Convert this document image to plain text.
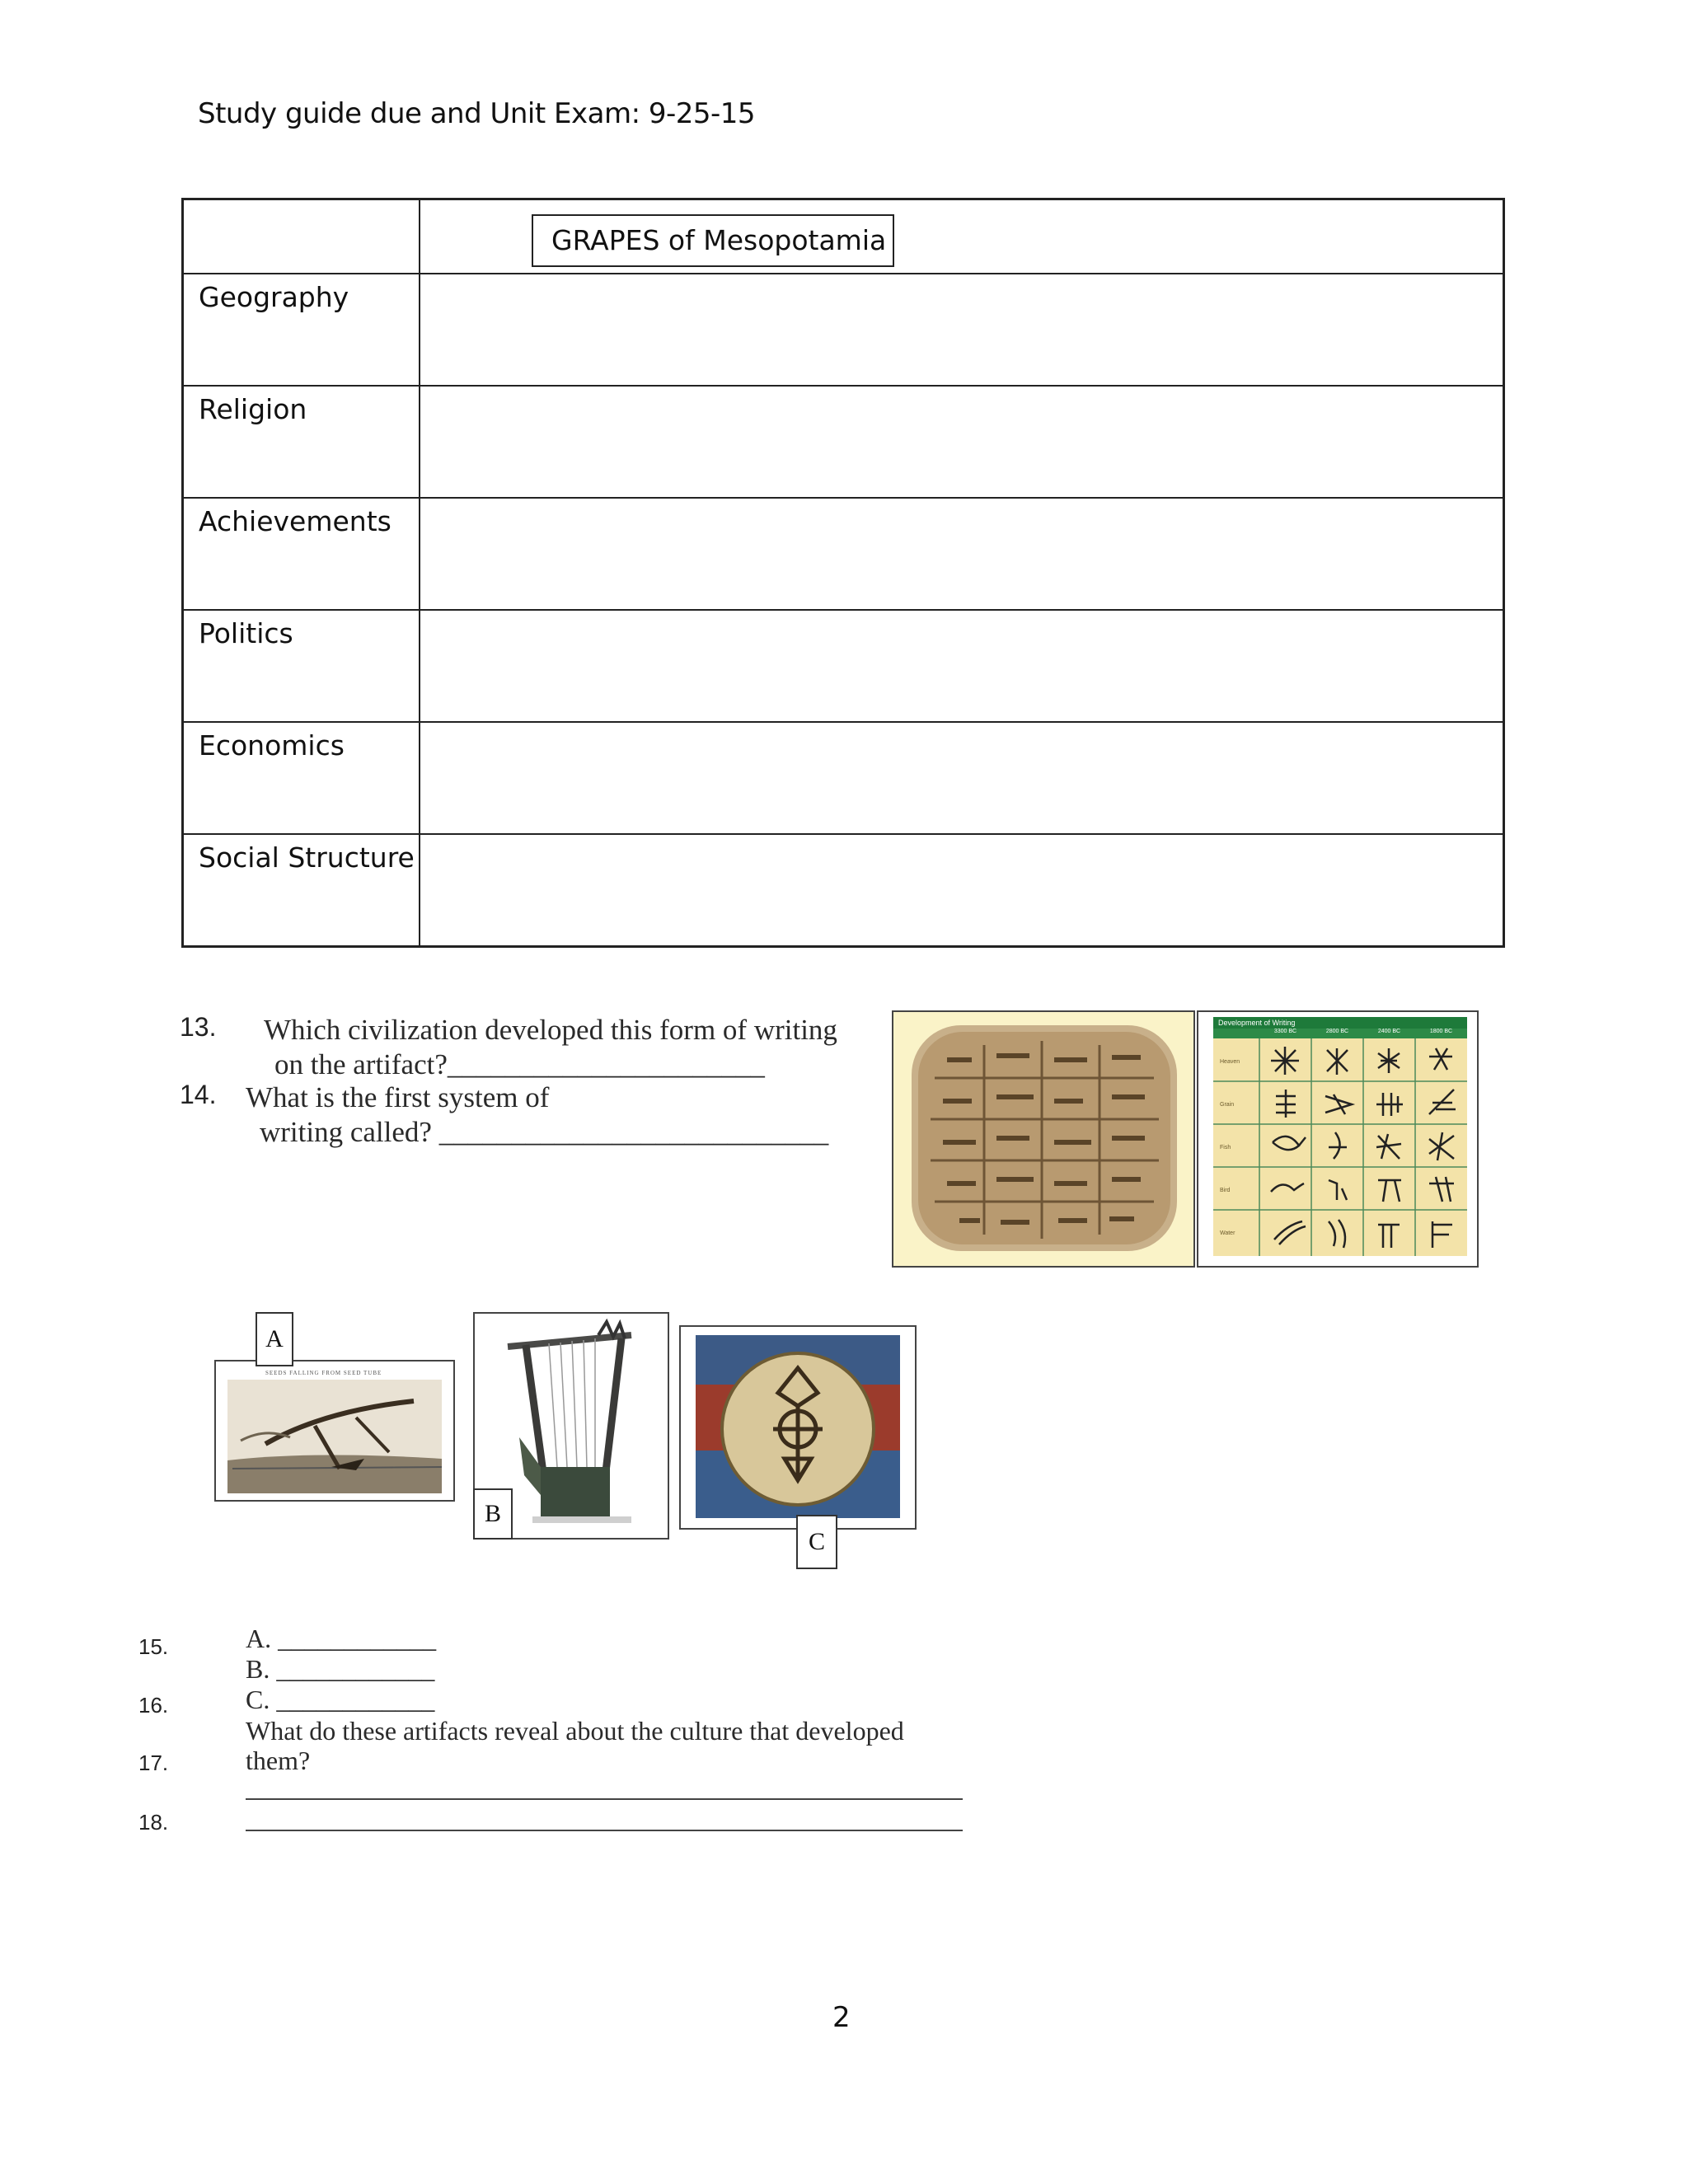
Study guide due and Unit Exam: 9-25-15
GRAPES of Mesopotamia
Geography
Religion
Achievements
Politics
Economics
Social Structure
13. Which civilization developed this form of writing
on the artifact?______________________
14. What is the first system of
writing called? ___________________________
Development of Writing
3300 BC	2800 BC	2400 BC	1800 BC
Heaven
Grain
Fish
Bird
Water
SEEDS FALLING FROM SEED TUBE
A
B
C
15.
16.
17.
18.
A. ____________
B. ____________
C. ____________
What do these artifacts reveal about the culture that developed
them?
2
